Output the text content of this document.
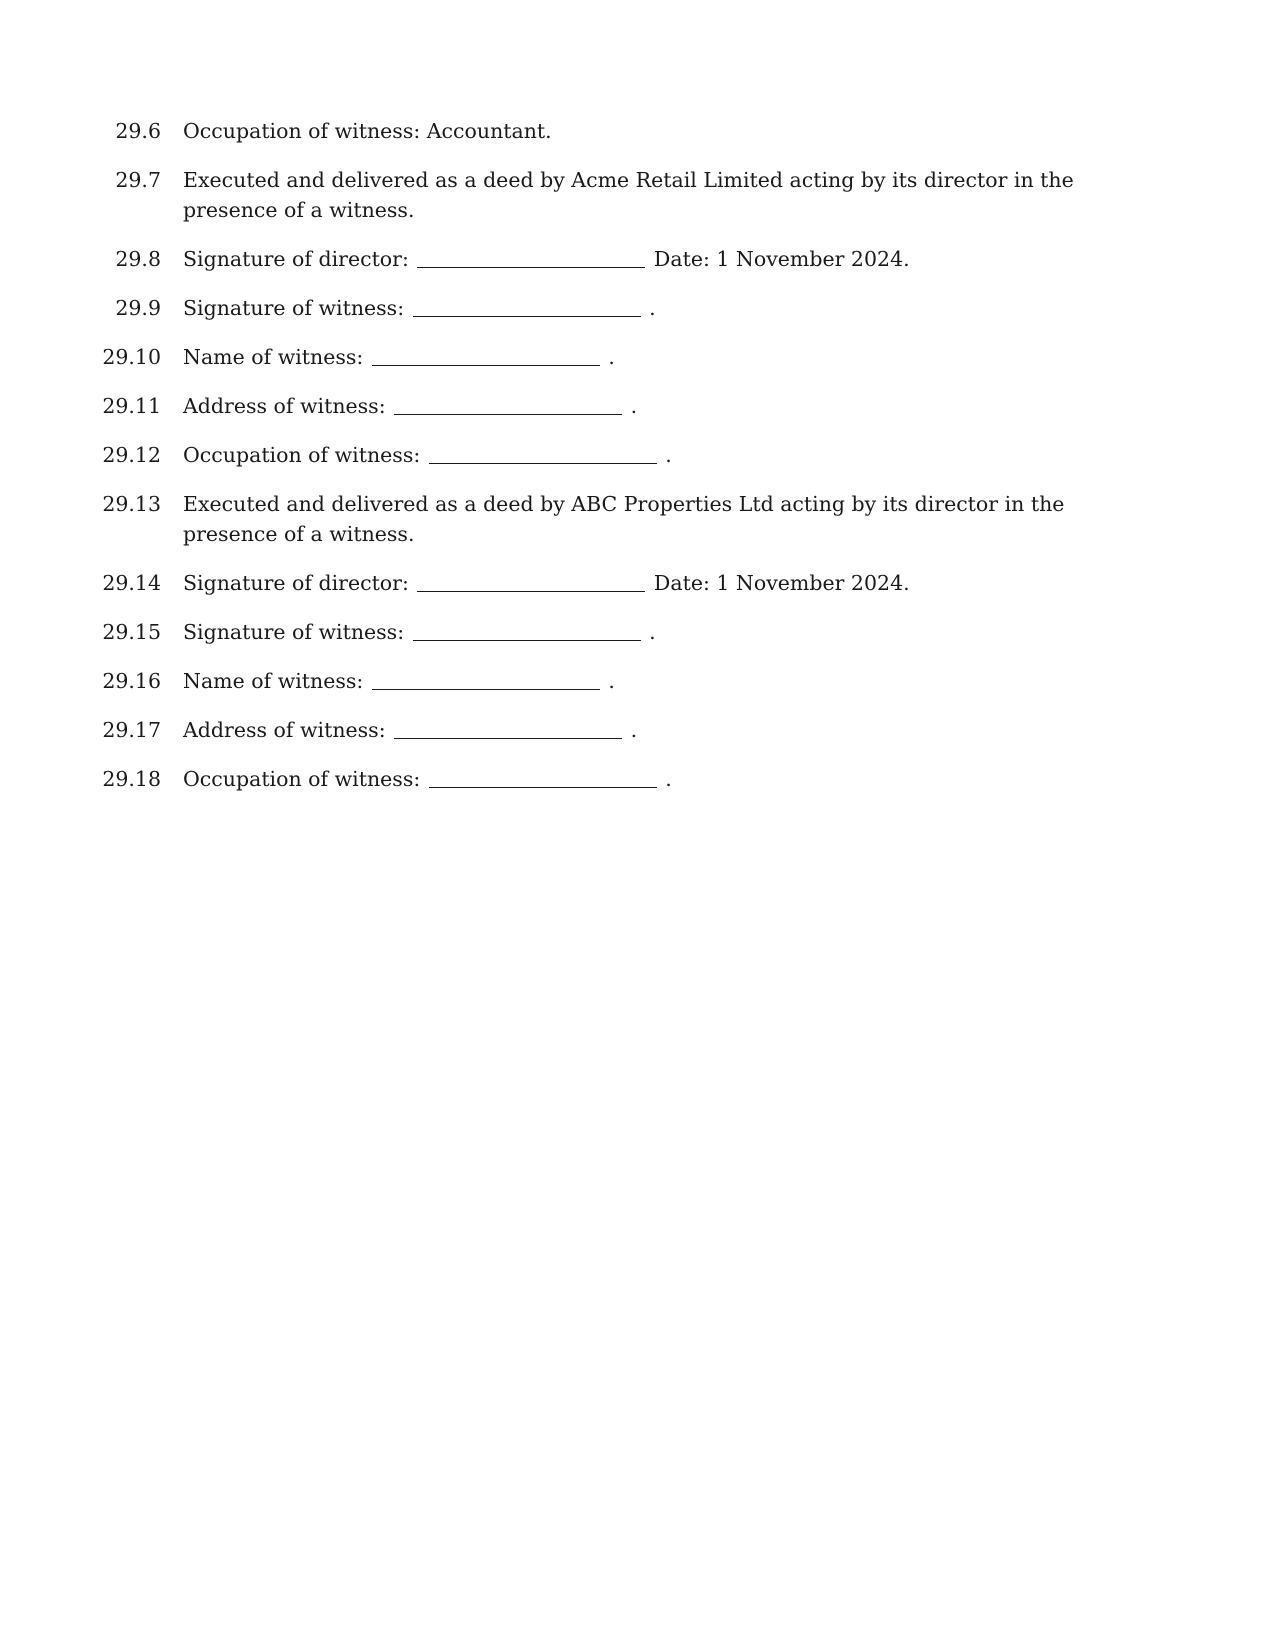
29.6	Occupation of witness: Accountant.
29.7	Executed and delivered as a deed by Acme Retail Limited acting by its director in the presence of a witness.
29.8	Signature of director:	Date: 1 November 2024.
29.9	Signature of witness:	.
29.10	Name of witness:	.
29.11	Address of witness:	.
29.12	Occupation of witness:	.
29.13	Executed and delivered as a deed by ABC Properties Ltd acting by its director in the presence of a witness.
29.14	Signature of director:	Date: 1 November 2024.
29.15	Signature of witness:	.
29.16	Name of witness:	.
29.17	Address of witness:	.
29.18	Occupation of witness:	.
